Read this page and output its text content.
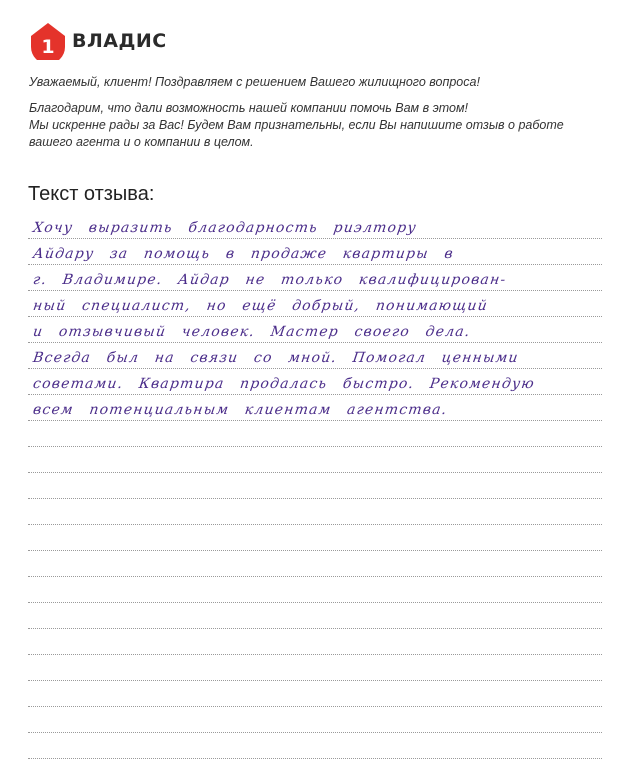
1 ВЛАДИС

Уважаемый, клиент! Поздравляем с решением Вашего жилищного вопроса!

Благодарим, что дали возможность нашей компании помочь Вам в этом!

Мы искренне рады за Вас! Будем Вам признательны, если Вы напишите отзыв о работе

вашего агента и о компании в целом.

Текст отзыва:
Хочу выразить благодарность риэлтору
Айдару за помощь в продаже квартиры в
г. Владимире. Айдар не только квалифицирован-
ный специалист, но ещё добрый, понимающий
и отзывчивый человек. Мастер своего дела.
Всегда был на связи со мной. Помогал ценными
советами. Квартира продалась быстро. Рекомендую
всем потенциальным клиентам агентства.
